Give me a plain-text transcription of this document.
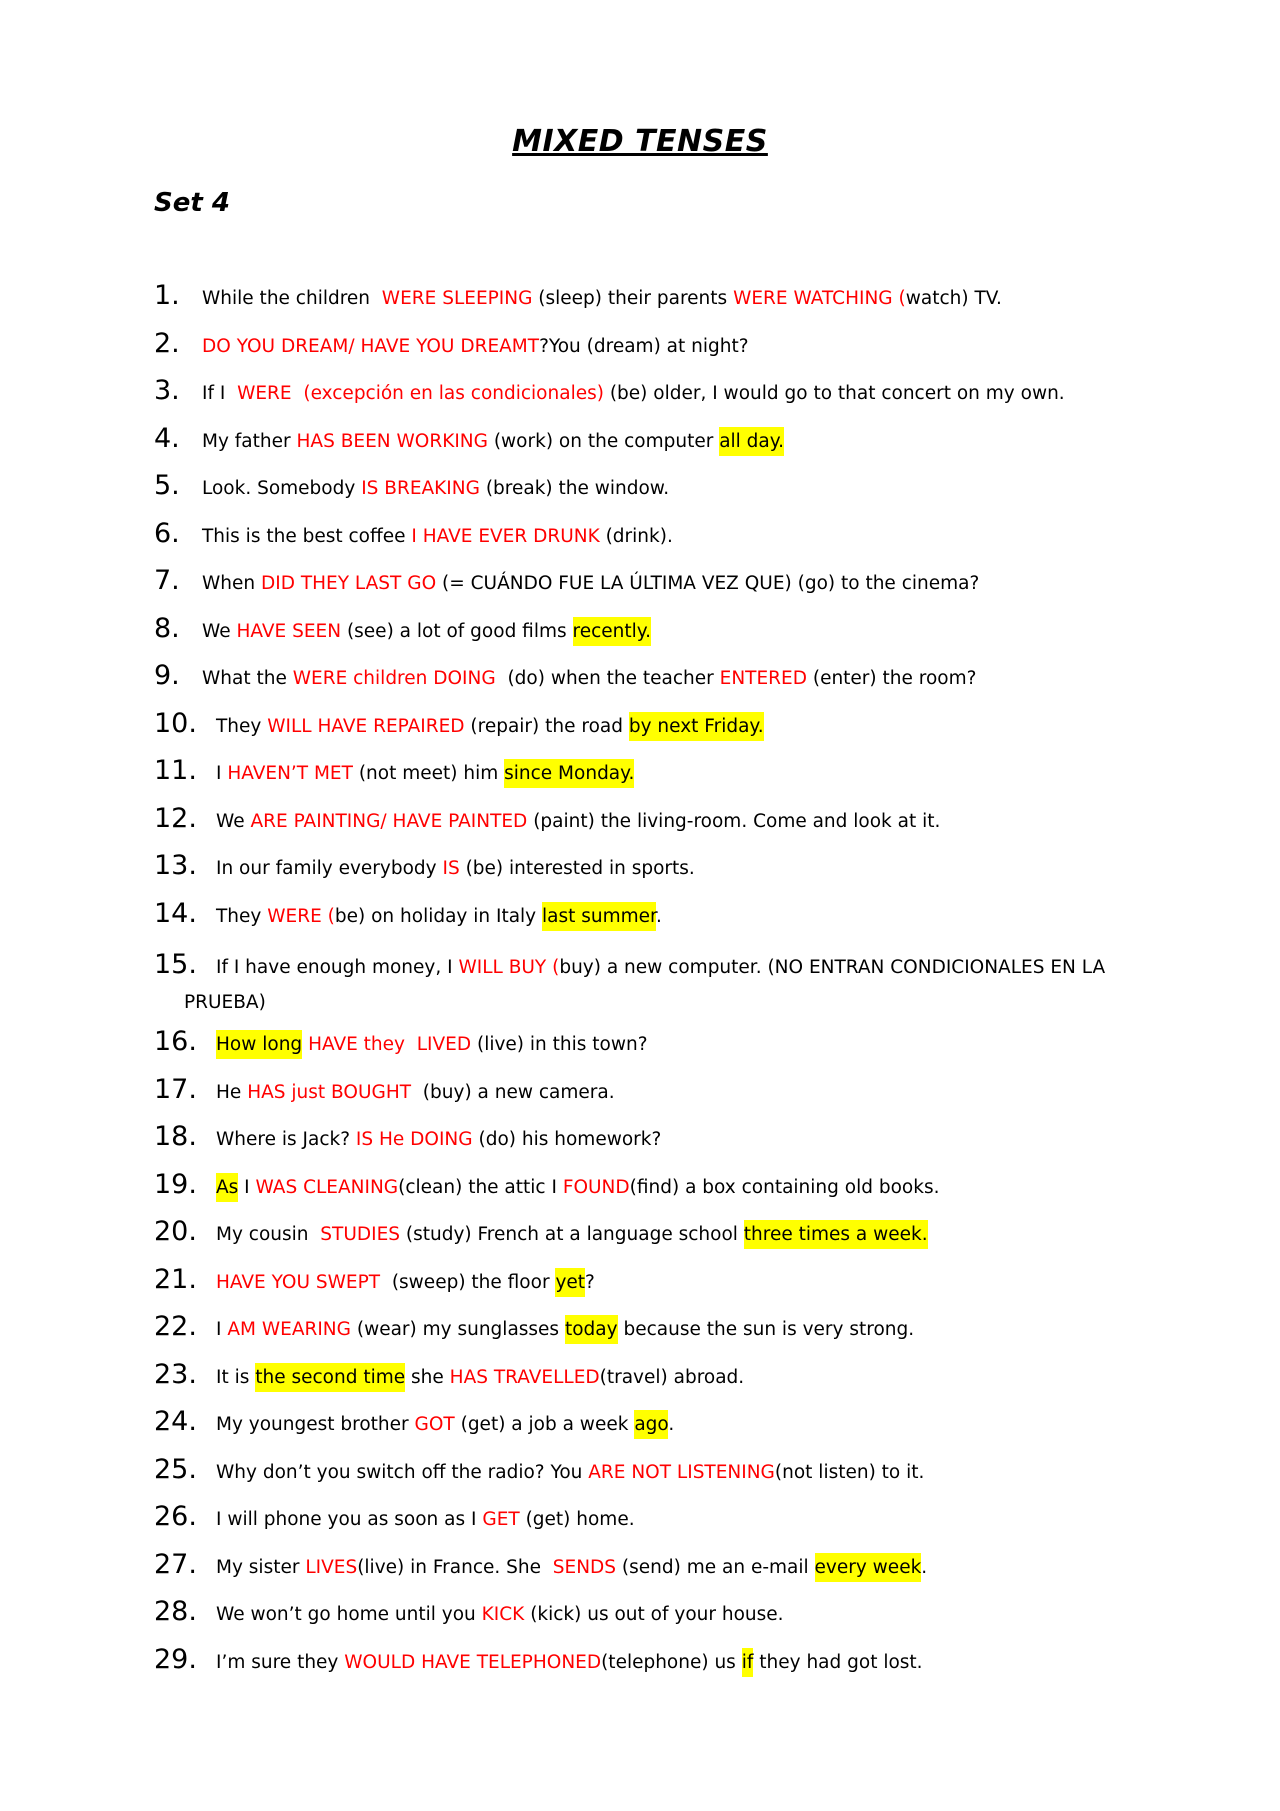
MIXED TENSES
Set 4
1.	While the children  WERE SLEEPING (sleep) their parents WERE WATCHING (watch) TV.
2.	DO YOU DREAM/ HAVE YOU DREAMT?You (dream) at night?
3.	If I  WERE  (excepción en las condicionales) (be) older, I would go to that concert on my own.
4.	My father HAS BEEN WORKING (work) on the computer all day.
5.	Look. Somebody IS BREAKING (break) the window.
6.	This is the best coffee I HAVE EVER DRUNK (drink).
7.	When DID THEY LAST GO (= CUÁNDO FUE LA ÚLTIMA VEZ QUE) (go) to the cinema?
8.	We HAVE SEEN (see) a lot of good films recently.
9.	What the WERE children DOING  (do) when the teacher ENTERED (enter) the room?
10.	They WILL HAVE REPAIRED (repair) the road by next Friday.
11.	I HAVEN’T MET (not meet) him since Monday.
12.	We ARE PAINTING/ HAVE PAINTED (paint) the living-room. Come and look at it.
13.	In our family everybody IS (be) interested in sports.
14.	They WERE (be) on holiday in Italy last summer.
15.	If I have enough money, I WILL BUY (buy) a new computer. (NO ENTRAN CONDICIONALES EN LA
PRUEBA)
16.	How long HAVE they  LIVED (live) in this town?
17.	He HAS just BOUGHT  (buy) a new camera.
18.	Where is Jack? IS He DOING (do) his homework?
19.	As I WAS CLEANING(clean) the attic I FOUND(find) a box containing old books.
20.	My cousin  STUDIES (study) French at a language school three times a week.
21.	HAVE YOU SWEPT  (sweep) the floor yet?
22.	I AM WEARING (wear) my sunglasses today because the sun is very strong.
23.	It is the second time she HAS TRAVELLED(travel) abroad.
24.	My youngest brother GOT (get) a job a week ago.
25.	Why don’t you switch off the radio? You ARE NOT LISTENING(not listen) to it.
26.	I will phone you as soon as I GET (get) home.
27.	My sister LIVES(live) in France. She  SENDS (send) me an e-mail every week.
28.	We won’t go home until you KICK (kick) us out of your house.
29.	I’m sure they WOULD HAVE TELEPHONED(telephone) us if they had got lost.
